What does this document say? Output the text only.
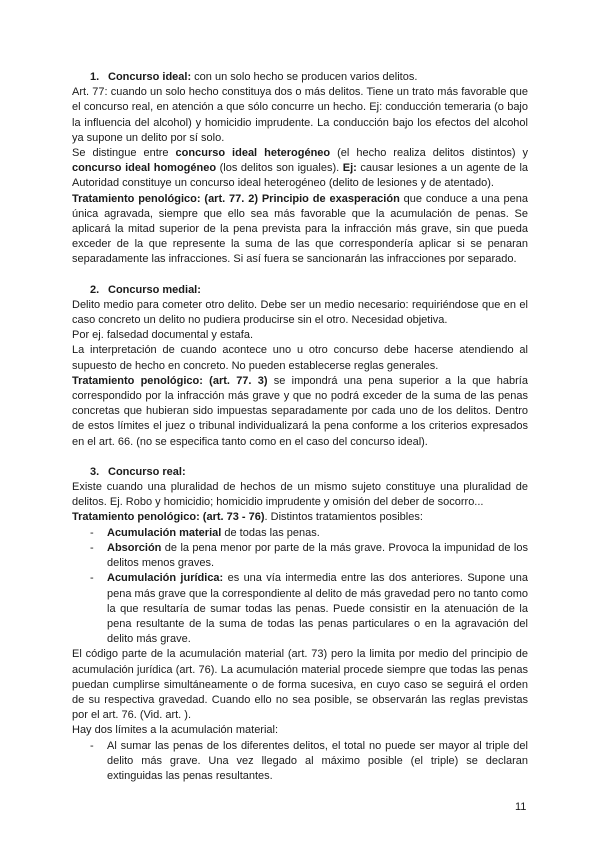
1. Concurso ideal: con un solo hecho se producen varios delitos.

Art. 77: cuando un solo hecho constituya dos o más delitos. Tiene un trato más favorable que el concurso real, en atención a que sólo concurre un hecho. Ej: conducción temeraria (o bajo la influencia del alcohol) y homicidio imprudente. La conducción bajo los efectos del alcohol ya supone un delito por sí solo.

Se distingue entre concurso ideal heterogéneo (el hecho realiza delitos distintos) y concurso ideal homogéneo (los delitos son iguales). Ej: causar lesiones a un agente de la Autoridad constituye un concurso ideal heterogéneo (delito de lesiones y de atentado).

Tratamiento penológico: (art. 77. 2) Principio de exasperación que conduce a una pena única agravada, siempre que ello sea más favorable que la acumulación de penas. Se aplicará la mitad superior de la pena prevista para la infracción más grave, sin que pueda exceder de la que represente la suma de las que correspondería aplicar si se penaran separadamente las infracciones. Si así fuera se sancionarán las infracciones por separado.

2. Concurso medial:

Delito medio para cometer otro delito. Debe ser un medio necesario: requiriéndose que en el caso concreto un delito no pudiera producirse sin el otro. Necesidad objetiva.

Por ej. falsedad documental y estafa.

La interpretación de cuando acontece uno u otro concurso debe hacerse atendiendo al supuesto de hecho en concreto. No pueden establecerse reglas generales.

Tratamiento penológico: (art. 77. 3) se impondrá una pena superior a la que habría correspondido por la infracción más grave y que no podrá exceder de la suma de las penas concretas que hubieran sido impuestas separadamente por cada uno de los delitos. Dentro de estos límites el juez o tribunal individualizará la pena conforme a los criterios expresados en el art. 66. (no se especifica tanto como en el caso del concurso ideal).

3. Concurso real:

Existe cuando una pluralidad de hechos de un mismo sujeto constituye una pluralidad de delitos. Ej. Robo y homicidio; homicidio imprudente y omisión del deber de socorro...

Tratamiento penológico: (art. 73 - 76). Distintos tratamientos posibles:

- Acumulación material de todas las penas.
- Absorción de la pena menor por parte de la más grave. Provoca la impunidad de los delitos menos graves.
- Acumulación jurídica: es una vía intermedia entre las dos anteriores. Supone una pena más grave que la correspondiente al delito de más gravedad pero no tanto como la que resultaría de sumar todas las penas. Puede consistir en la atenuación de la pena resultante de la suma de todas las penas particulares o en la agravación del delito más grave.

El código parte de la acumulación material (art. 73) pero la limita por medio del principio de acumulación jurídica (art. 76). La acumulación material procede siempre que todas las penas puedan cumplirse simultáneamente o de forma sucesiva, en cuyo caso se seguirá el orden de su respectiva gravedad. Cuando ello no sea posible, se observarán las reglas previstas por el art. 76. (Vid. art. ).

Hay dos límites a la acumulación material:

- Al sumar las penas de los diferentes delitos, el total no puede ser mayor al triple del delito más grave. Una vez llegado al máximo posible (el triple) se declaran extinguidas las penas resultantes.
11
